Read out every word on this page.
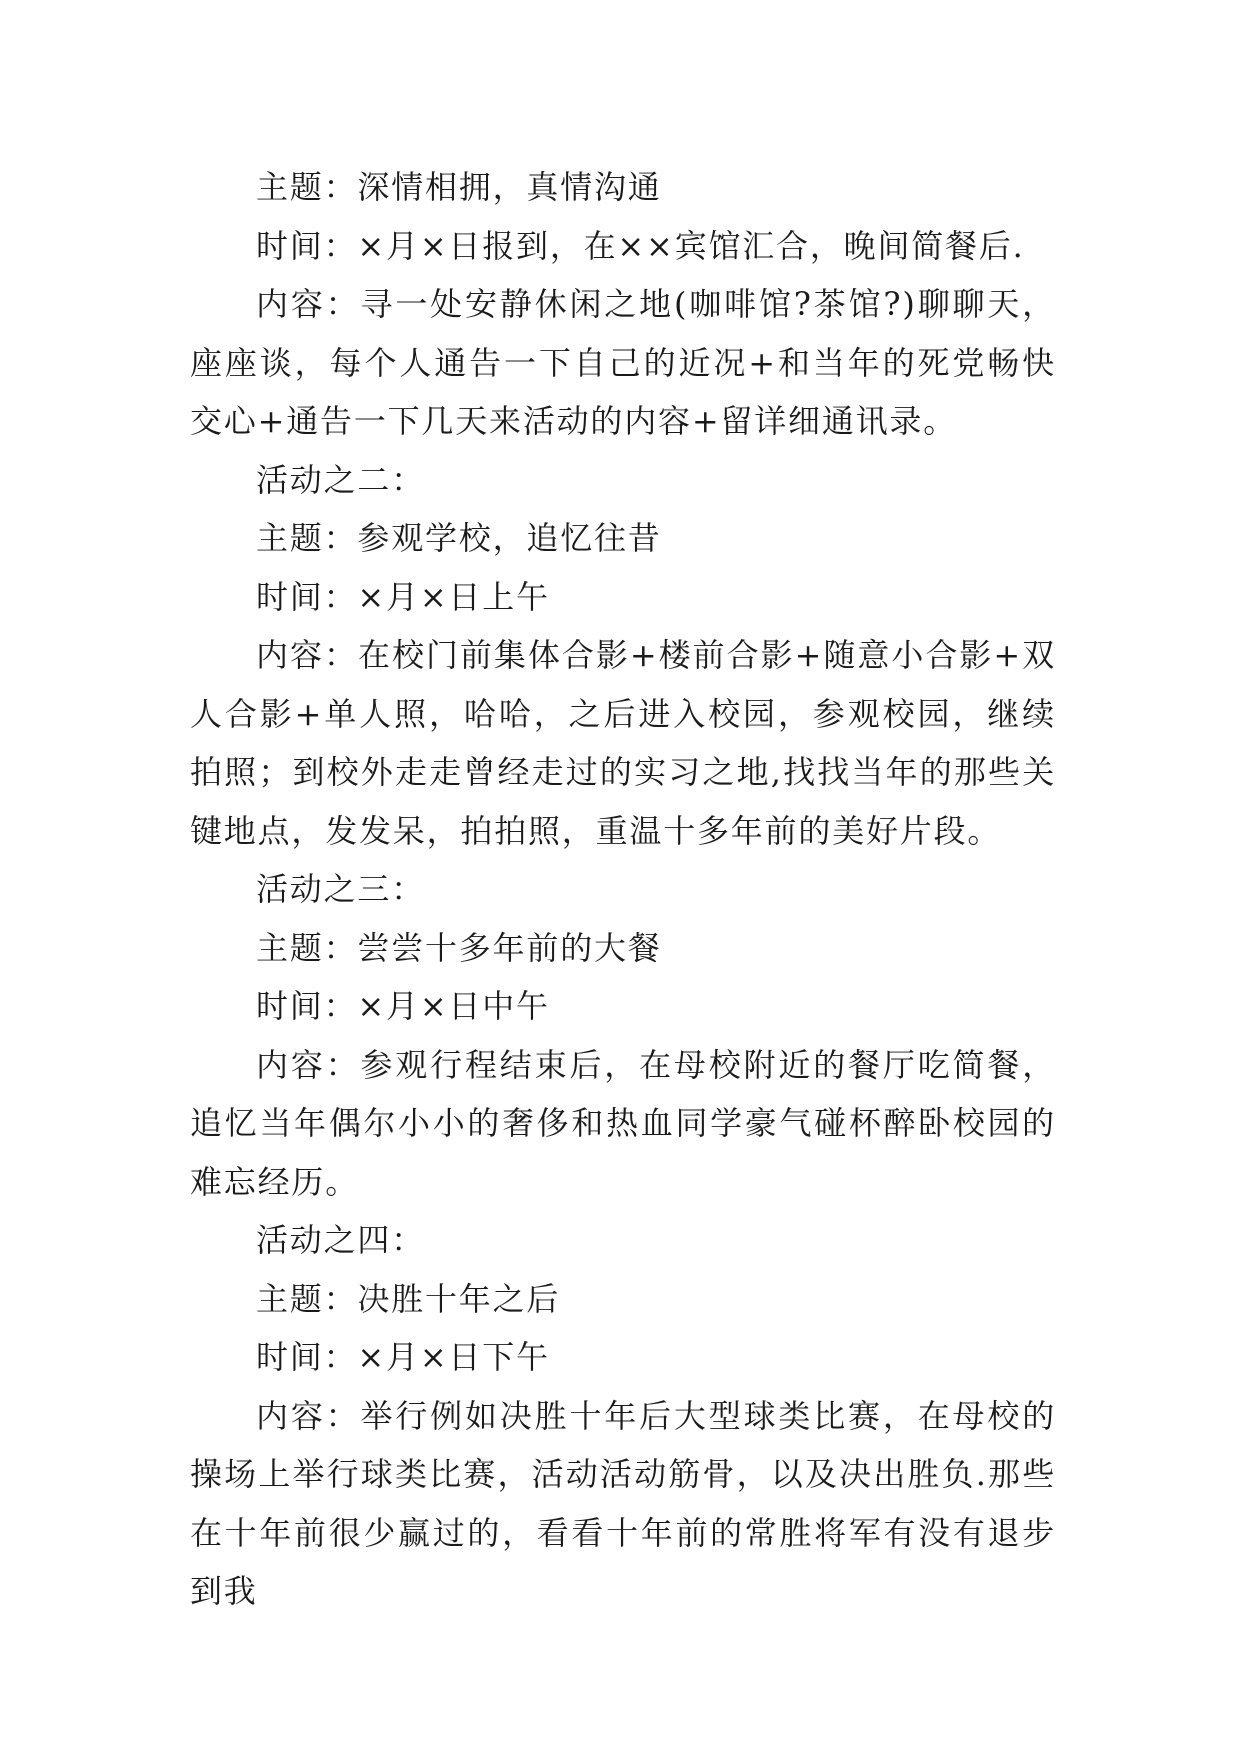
主题：深情相拥，真情沟通

时间：×月×日报到，在××宾馆汇合，晚间简餐后.

内容：寻一处安静休闲之地(咖啡馆?茶馆?)聊聊天，座座谈，每个人通告一下自己的近况+和当年的死党畅快交心+通告一下几天来活动的内容+留详细通讯录。

活动之二：

主题：参观学校，追忆往昔

时间：×月×日上午

内容：在校门前集体合影+楼前合影+随意小合影+双人合影+单人照，哈哈，之后进入校园，参观校园，继续拍照；到校外走走曾经走过的实习之地,找找当年的那些关键地点，发发呆，拍拍照，重温十多年前的美好片段。

活动之三：

主题：尝尝十多年前的大餐

时间：×月×日中午

内容：参观行程结束后，在母校附近的餐厅吃简餐，追忆当年偶尔小小的奢侈和热血同学豪气碰杯醉卧校园的难忘经历。

活动之四：

主题：决胜十年之后

时间：×月×日下午

内容：举行例如决胜十年后大型球类比赛，在母校的操场上举行球类比赛，活动活动筋骨，以及决出胜负.那些在十年前很少赢过的，看看十年前的常胜将军有没有退步到我
